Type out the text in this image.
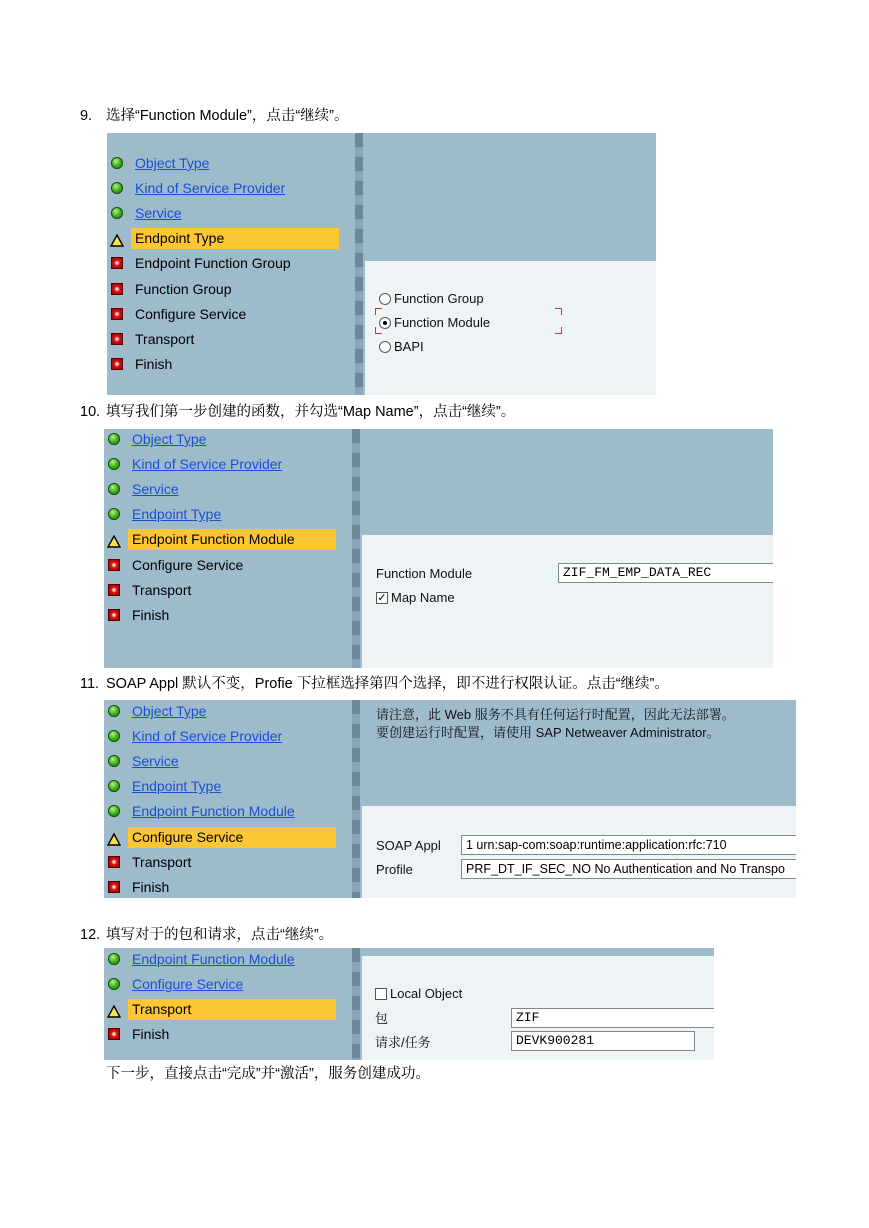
9. 选择“Function Module”，点击“继续”。
Object Type
Kind of Service Provider
Service
Endpoint Type
Endpoint Function Group
Function Group
Configure Service
Transport
Finish
Function Group
Function Module
BAPI
10. 填写我们第一步创建的函数，并勾选“Map Name”，点击“继续”。
Object Type
Kind of Service Provider
Service
Endpoint Type
Endpoint Function Module
Configure Service
Transport
Finish
Function Module	ZIF_FM_EMP_DATA_REC
✓ Map Name
11. SOAP Appl 默认不变，Profie 下拉框选择第四个选择，即不进行权限认证。点击“继续”。
Object Type
Kind of Service Provider
Service
Endpoint Type
Endpoint Function Module
Configure Service
Transport
Finish
请注意，此 Web 服务不具有任何运行时配置，因此无法部署。
要创建运行时配置，请使用 SAP Netweaver Administrator。
SOAP Appl	1 urn:sap-com:soap:runtime:application:rfc:710
Profile	PRF_DT_IF_SEC_NO No Authentication and No Transpo
12. 填写对于的包和请求，点击“继续”。
Endpoint Function Module
Configure Service
Transport
Finish
Local Object
包	ZIF
请求/任务	DEVK900281
下一步，直接点击“完成”并“激活”，服务创建成功。
